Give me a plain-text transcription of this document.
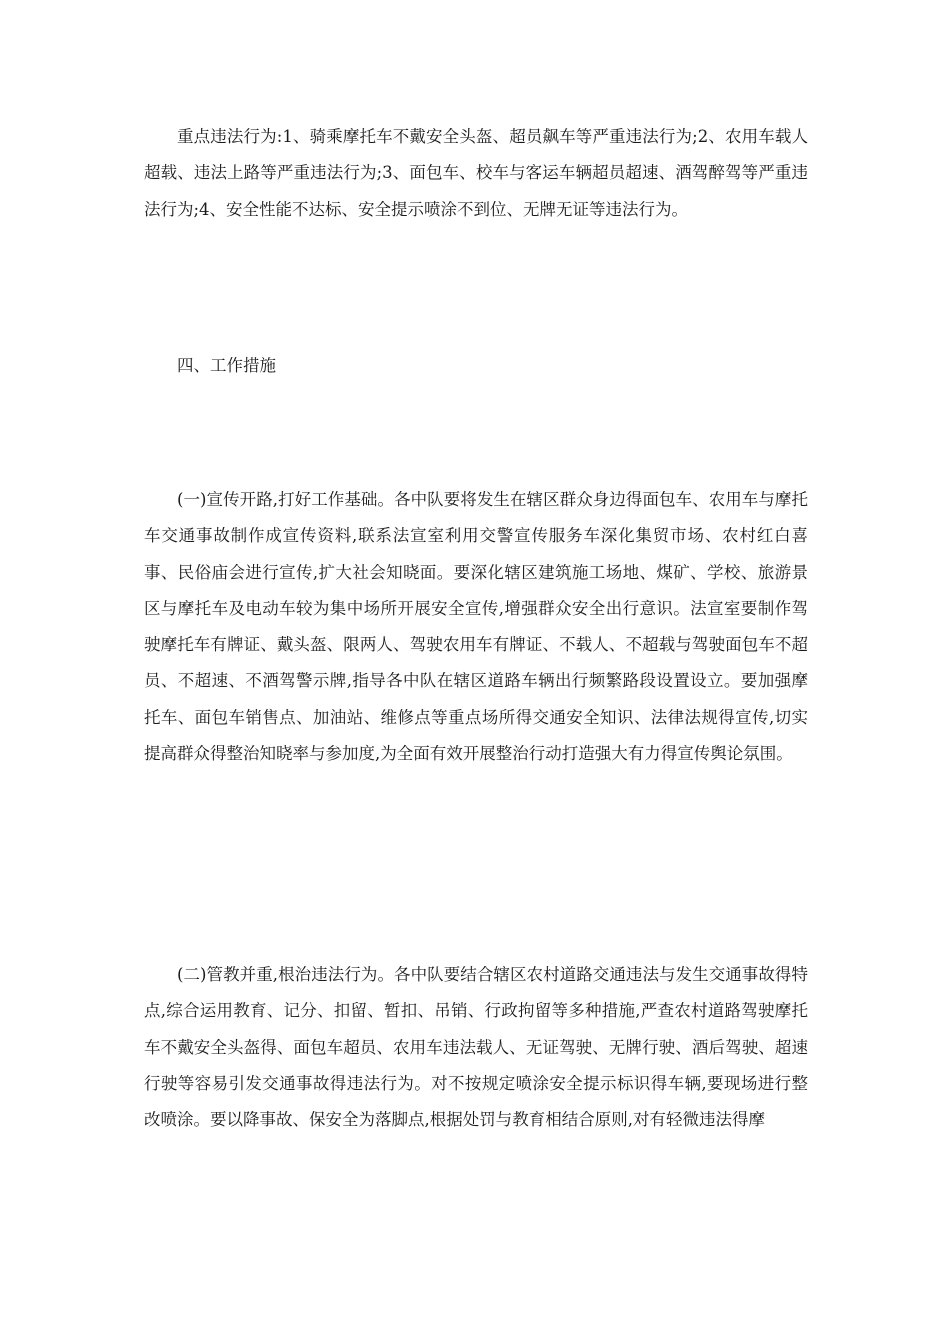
重点违法行为:1、骑乘摩托车不戴安全头盔、超员飙车等严重违法行为;2、农用车载人超载、违法上路等严重违法行为;3、面包车、校车与客运车辆超员超速、酒驾醉驾等严重违法行为;4、安全性能不达标、安全提示喷涂不到位、无牌无证等违法行为。

四、工作措施

(一)宣传开路,打好工作基础。各中队要将发生在辖区群众身边得面包车、农用车与摩托车交通事故制作成宣传资料,联系法宣室利用交警宣传服务车深化集贸市场、农村红白喜事、民俗庙会进行宣传,扩大社会知晓面。要深化辖区建筑施工场地、煤矿、学校、旅游景区与摩托车及电动车较为集中场所开展安全宣传,增强群众安全出行意识。法宣室要制作驾驶摩托车有牌证、戴头盔、限两人、驾驶农用车有牌证、不载人、不超载与驾驶面包车不超员、不超速、不酒驾警示牌,指导各中队在辖区道路车辆出行频繁路段设置设立。要加强摩托车、面包车销售点、加油站、维修点等重点场所得交通安全知识、法律法规得宣传,切实提高群众得整治知晓率与参加度,为全面有效开展整治行动打造强大有力得宣传舆论氛围。

(二)管教并重,根治违法行为。各中队要结合辖区农村道路交通违法与发生交通事故得特点,综合运用教育、记分、扣留、暂扣、吊销、行政拘留等多种措施,严查农村道路驾驶摩托车不戴安全头盔得、面包车超员、农用车违法载人、无证驾驶、无牌行驶、酒后驾驶、超速行驶等容易引发交通事故得违法行为。对不按规定喷涂安全提示标识得车辆,要现场进行整改喷涂。要以降事故、保安全为落脚点,根据处罚与教育相结合原则,对有轻微违法得摩
